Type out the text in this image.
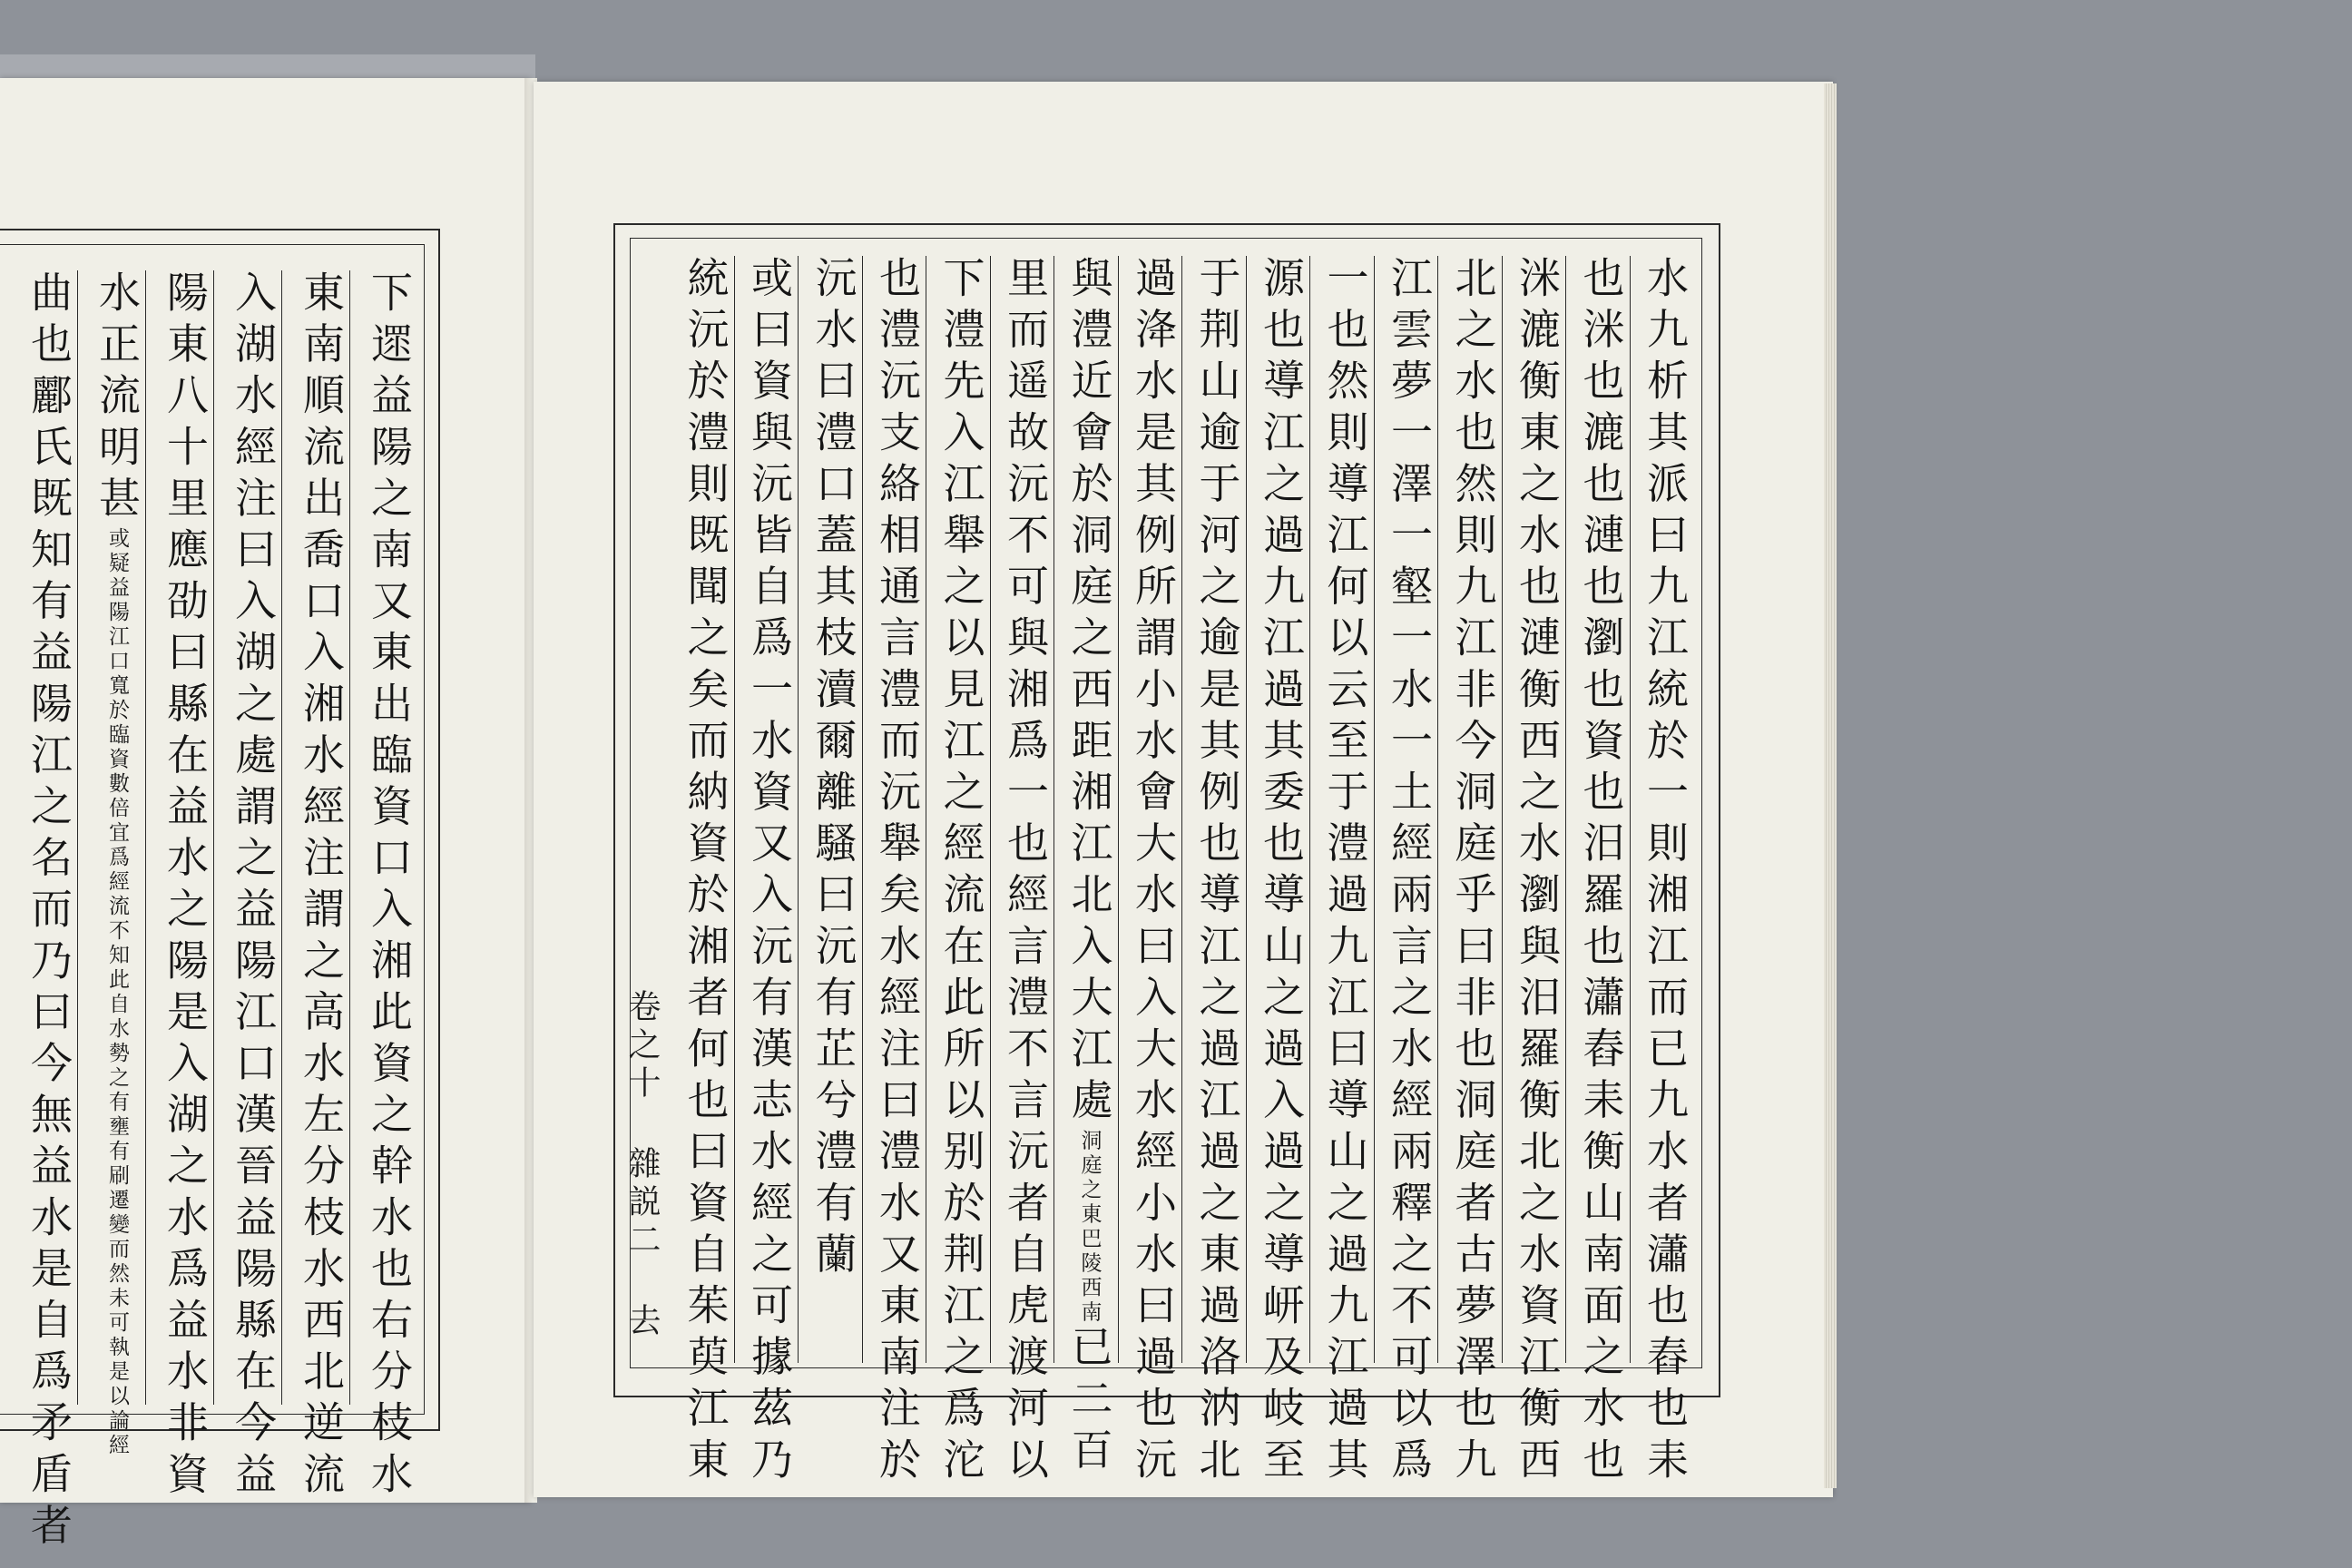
下遝益陽之南又東出臨資口入湘此資之幹水也右分枝水
東南順流出喬口入湘水經注謂之高水左分枝水西北逆流
入湖水經注曰入湖之處謂之益陽江口漢晉益陽縣在今益
陽東八十里應劭曰縣在益水之陽是入湖之水爲益水非資
水正流明甚或疑益陽江口寬於臨資數倍宜爲經流不知此自水勢之有壅有刷遷變而然未可執是以論經
曲也酈氏既知有益陽江之名而乃曰今無益水是自爲矛盾者	水九析其派曰九江統於一則湘江而已九水者瀟也舂也耒
也洣也漉也漣也瀏也資也汨羅也瀟舂耒衡山南面之水也
洣漉衡東之水也漣衡西之水瀏與汨羅衡北之水資江衡西
北之水也然則九江非今洞庭乎曰非也洞庭者古夢澤也九
江雲夢一澤一壑一水一土經兩言之水經兩釋之不可以爲
一也然則導江何以云至于澧過九江曰導山之過九江過其
源也導江之過九江過其委也導山之過入過之導岍及岐至
于荆山逾于河之逾是其例也導江之過江過之東過洛汭北
過洚水是其例所謂小水會大水曰入大水經小水曰過也沅
與澧近會於洞庭之西距湘江北入大江處洞庭之東巴陵西南已二百
里而遥故沅不可與湘爲一也經言澧不言沅者自虎渡河以
下澧先入江舉之以見江之經流在此所以别於荆江之爲沱
也澧沅支絡相通言澧而沅舉矣水經注曰澧水又東南注於
沅水曰澧口蓋其枝瀆爾離騷曰沅有芷兮澧有蘭
或曰資與沅皆自爲一水資又入沅有漢志水經之可據茲乃
統沅於澧則既聞之矣而納資於湘者何也曰資自茱萸江東
卷之十 雜説二 去
